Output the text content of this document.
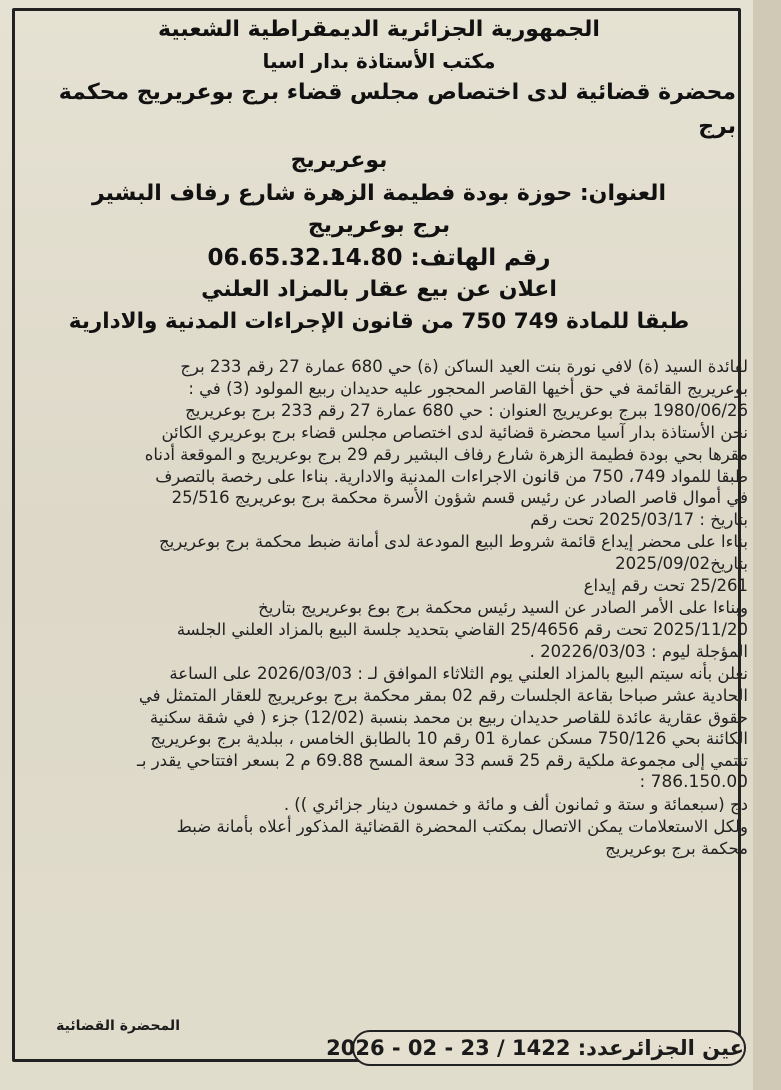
الجمهورية الجزائرية الديمقراطية الشعبية
مكتب الأستاذة بدار اسيا
محضرة قضائية لدى اختصاص مجلس قضاء برج بوعريريج محكمة برج
بوعريريج
العنوان: حوزة بودة فطيمة الزهرة شارع رفاف البشير
برج بوعريريج
رقم الهاتف: 06.65.32.14.80
اعلان عن بيع عقار بالمزاد العلني
طبقا للمادة 749 750 من قانون الإجراءات المدنية والادارية
لفائدة السيد (ة) لافي نورة بنت العيد الساكن (ة) حي 680 عمارة 27 رقم 233 برج
بوعريريج القائمة في حق أخيها القاصر المحجور عليه حديدان ربيع المولود (3) في :
1980/06/26 ببرج بوعريريج العنوان : حي 680 عمارة 27 رقم 233 برج بوعريريج
نحن الأستاذة بدار آسيا محضرة قضائية لدى اختصاص مجلس قضاء برج بوعريري الكائن
مقرها بحي بودة فطيمة الزهرة شارع رفاف البشير رقم 29 برج بوعريريج و الموقعة أدناه
طبقا للمواد 749، 750 من قانون الاجراءات المدنية والادارية. بناءا على رخصة بالتصرف
في أموال قاصر الصادر عن رئيس قسم شؤون الأسرة محكمة برج بوعريريج 25/516
بتاريخ : 2025/03/17 تحت رقم
بناءا على محضر إيداع قائمة شروط البيع المودعة لدى أمانة ضبط محكمة برج بوعريريج
بتاريخ2025/09/02
25/261 تحت رقم إيداع
وبناءا على الأمر الصادر عن السيد رئيس محكمة برج بوع بوعريريج بتاريخ
2025/11/20 تحت رقم 25/4656 القاضي بتحديد جلسة البيع بالمزاد العلني الجلسة
المؤجلة ليوم : 20226/03/03 .
نعلن بأنه سيتم البيع بالمزاد العلني يوم الثلاثاء الموافق لـ : 2026/03/03 على الساعة
الحادية عشر صباحا بقاعة الجلسات رقم 02 بمقر محكمة برج بوعريريج للعقار المتمثل في
حقوق عقارية عائدة للقاصر حديدان ربيع بن محمد بنسبة (12/02) جزء ( في شقة سكنية
الكائنة بحي 750/126 مسكن عمارة 01 رقم 10 بالطابق الخامس ، ببلدية برج بوعريريج
تنتمي إلى مجموعة ملكية رقم 25 قسم 33 سعة المسح 69.88 م 2 بسعر افتتاحي يقدر بـ
786.150.00 :
دج (سبعمائة و ستة و ثمانون ألف و مائة و خمسون دينار جزائري )) .
ولكل الاستعلامات يمكن الاتصال بمكتب المحضرة القضائية المذكور أعلاه بأمانة ضبط
محكمة برج بوعريريج
المحضرة القضائية
عين الجزائرعدد: 1422 / 23 - 02 - 2026
